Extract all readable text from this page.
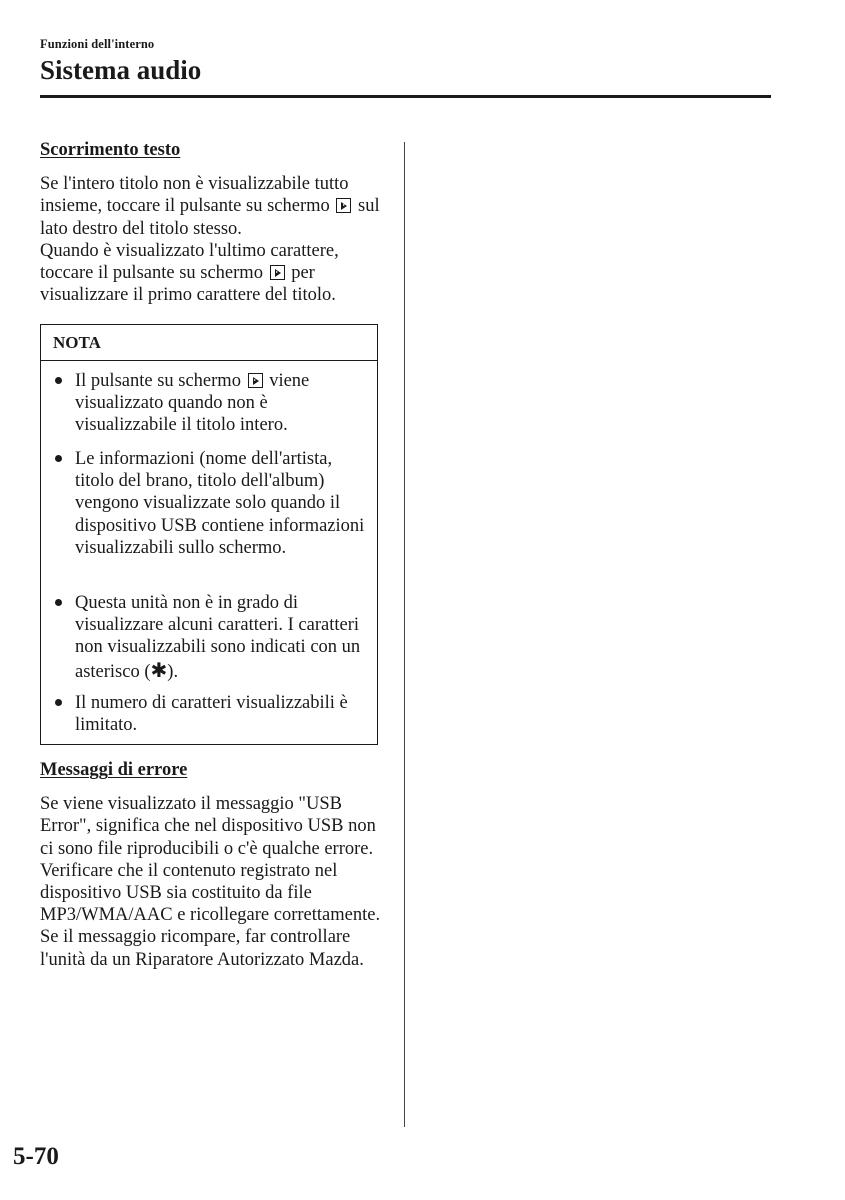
Funzioni dell'interno
Sistema audio
Scorrimento testo

Se l'intero titolo non è visualizzabile tutto insieme, toccare il pulsante su schermo sul lato destro del titolo stesso.
Quando è visualizzato l'ultimo carattere, toccare il pulsante su schermo per visualizzare il primo carattere del titolo.

NOTA
Il pulsante su schermo viene visualizzato quando non è visualizzabile il titolo intero.
Le informazioni (nome dell'artista, titolo del brano, titolo dell'album) vengono visualizzate solo quando il dispositivo USB contiene informazioni visualizzabili sullo schermo.
Questa unità non è in grado di visualizzare alcuni caratteri. I caratteri non visualizzabili sono indicati con un asterisco (✱).
Il numero di caratteri visualizzabili è limitato.
Messaggi di errore

Se viene visualizzato il messaggio "USB Error", significa che nel dispositivo USB non ci sono file riproducibili o c'è qualche errore. Verificare che il contenuto registrato nel dispositivo USB sia costituito da file MP3/WMA/AAC e ricollegare correttamente.

Se il messaggio ricompare, far controllare l'unità da un Riparatore Autorizzato Mazda.

5-70
